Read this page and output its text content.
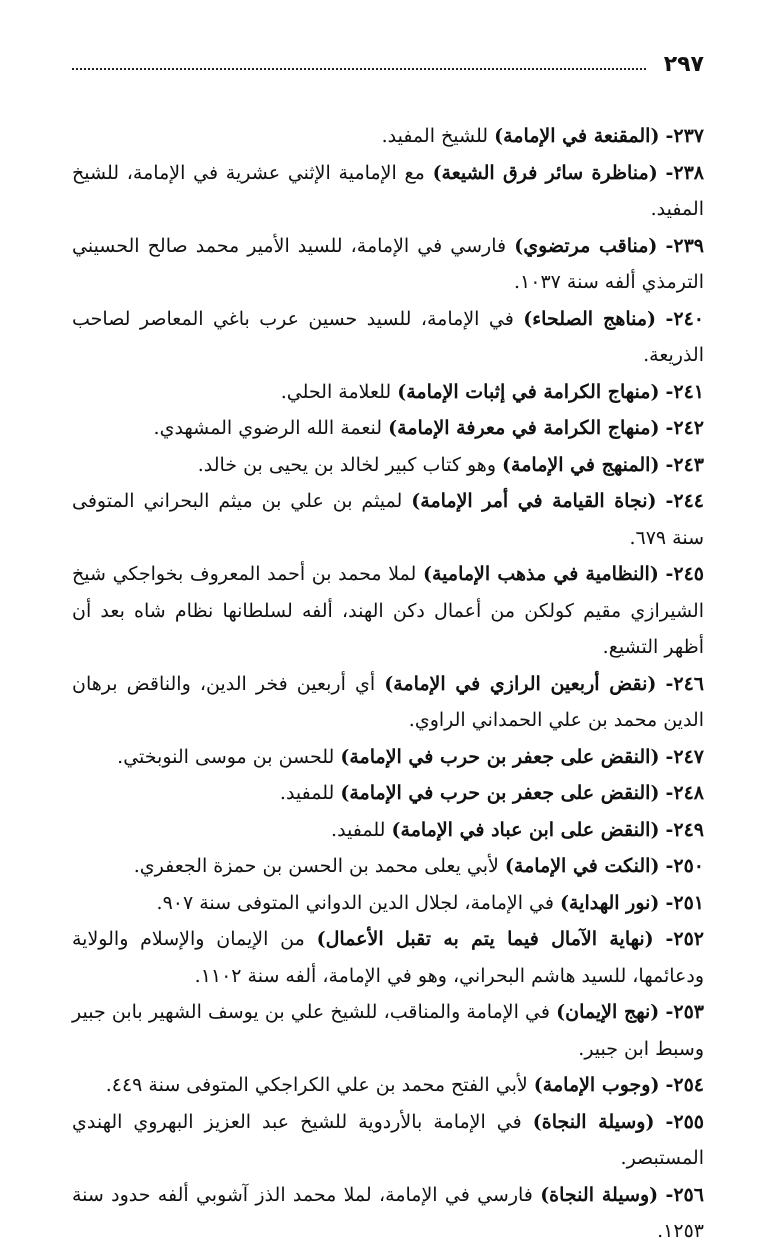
٢٩٧
٢٣٧- (المقنعة في الإمامة) للشيخ المفيد.
٢٣٨- (مناظرة سائر فرق الشيعة) مع الإمامية الإثني عشرية في الإمامة، للشيخ المفيد.
٢٣٩- (مناقب مرتضوي) فارسي في الإمامة، للسيد الأمير محمد صالح الحسيني الترمذي ألفه سنة ١٠٣٧.
٢٤٠- (مناهج الصلحاء) في الإمامة، للسيد حسين عرب باغي المعاصر لصاحب الذريعة.
٢٤١- (منهاج الكرامة في إثبات الإمامة) للعلامة الحلي.
٢٤٢- (منهاج الكرامة في معرفة الإمامة) لنعمة الله الرضوي المشهدي.
٢٤٣- (المنهج في الإمامة) وهو كتاب كبير لخالد بن يحيى بن خالد.
٢٤٤- (نجاة القيامة في أمر الإمامة) لميثم بن علي بن ميثم البحراني المتوفى سنة ٦٧٩.
٢٤٥- (النظامية في مذهب الإمامية) لملا محمد بن أحمد المعروف بخواجكي شيخ الشيرازي مقيم كولكن من أعمال دكن الهند، ألفه لسلطانها نظام شاه بعد أن أظهر التشيع.
٢٤٦- (نقض أربعين الرازي في الإمامة) أي أربعين فخر الدين، والناقض برهان الدين محمد بن علي الحمداني الراوي.
٢٤٧- (النقض على جعفر بن حرب في الإمامة) للحسن بن موسى النوبختي.
٢٤٨- (النقض على جعفر بن حرب في الإمامة) للمفيد.
٢٤٩- (النقض على ابن عباد في الإمامة) للمفيد.
٢٥٠- (النكت في الإمامة) لأبي يعلى محمد بن الحسن بن حمزة الجعفري.
٢٥١- (نور الهداية) في الإمامة، لجلال الدين الدواني المتوفى سنة ٩٠٧.
٢٥٢- (نهاية الآمال فيما يتم به تقبل الأعمال) من الإيمان والإسلام والولاية ودعائمها، للسيد هاشم البحراني، وهو في الإمامة، ألفه سنة ١١٠٢.
٢٥٣- (نهج الإيمان) في الإمامة والمناقب، للشيخ علي بن يوسف الشهير بابن جبير وسبط ابن جبير.
٢٥٤- (وجوب الإمامة) لأبي الفتح محمد بن علي الكراجكي المتوفى سنة ٤٤٩.
٢٥٥- (وسيلة النجاة) في الإمامة بالأردوية للشيخ عبد العزيز البهروي الهندي المستبصر.
٢٥٦- (وسيلة النجاة) فارسي في الإمامة، لملا محمد الذز آشوبي ألفه حدود سنة ١٢٥٣.
